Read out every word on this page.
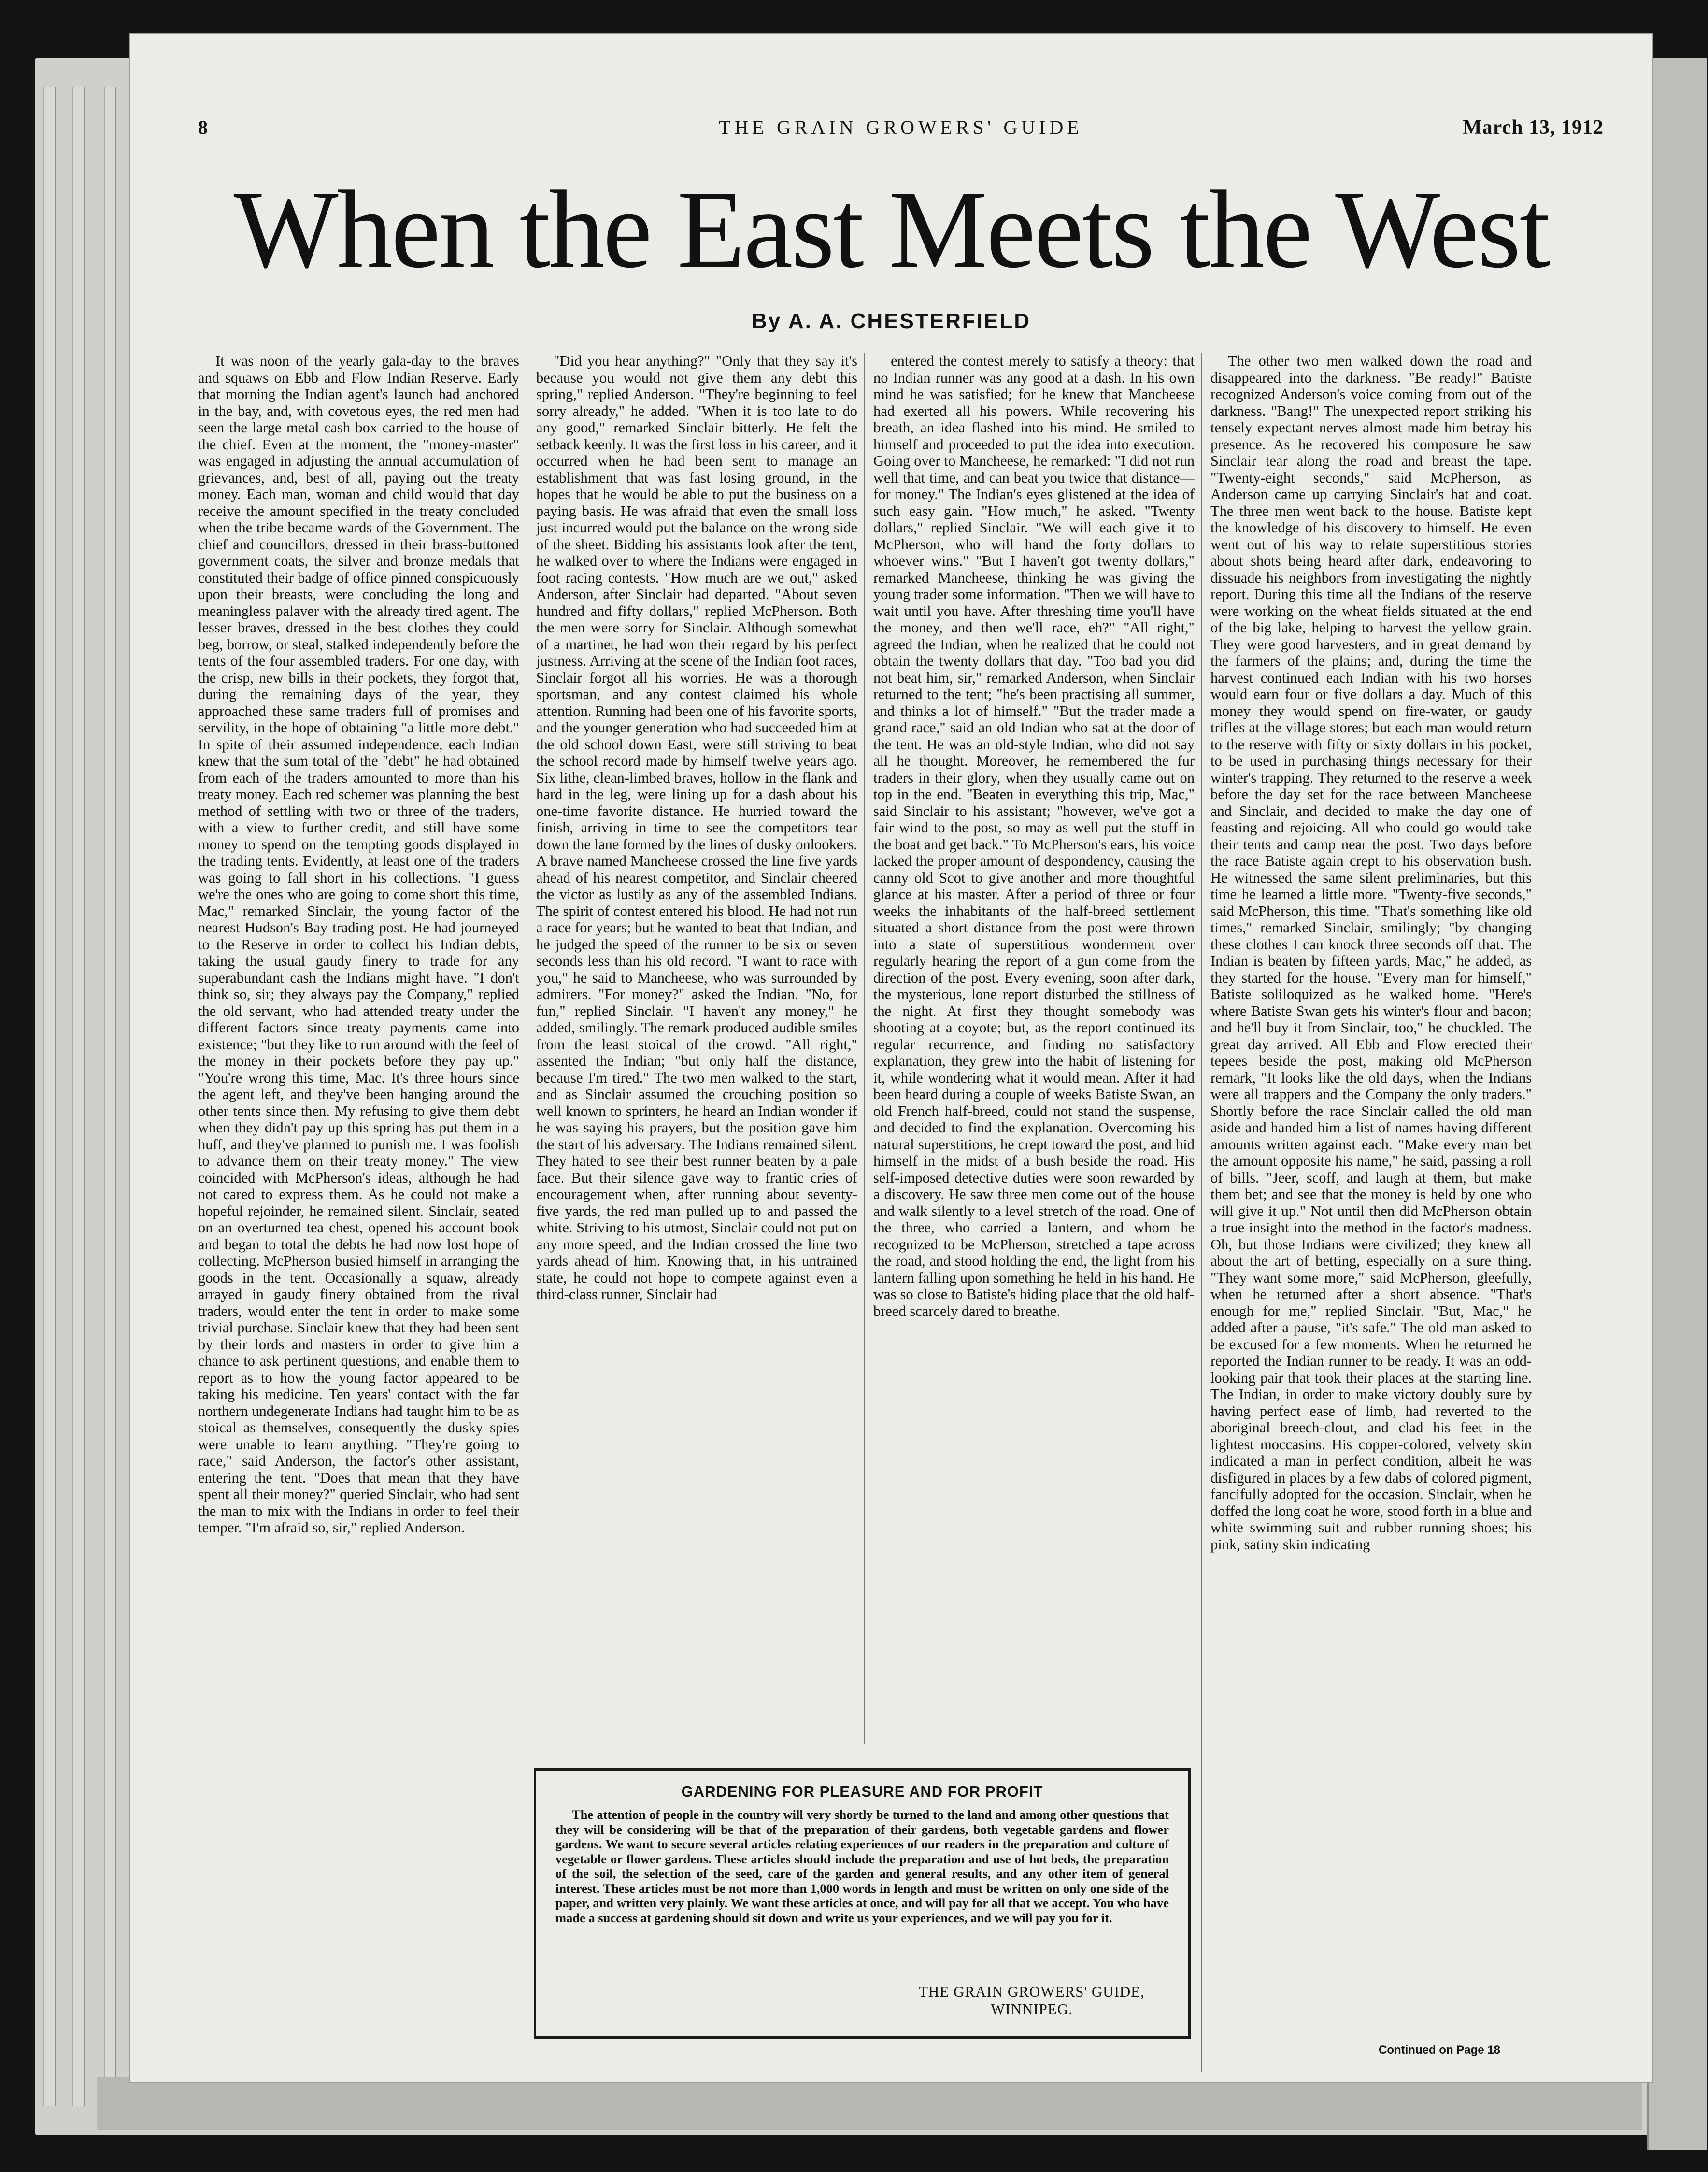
8	THE GRAIN GROWERS' GUIDE	March 13, 1912
When the East Meets the West
By A. A. CHESTERFIELD

It was noon of the yearly gala-day to the braves and squaws on Ebb and Flow Indian Reserve. Early that morning the Indian agent's launch had anchored in the bay, and, with covetous eyes, the red men had seen the large metal cash box carried to the house of the chief. Even at the moment, the "money-master" was engaged in adjusting the annual accumulation of grievances, and, best of all, paying out the treaty money. Each man, woman and child would that day receive the amount specified in the treaty concluded when the tribe became wards of the Government. The chief and councillors, dressed in their brass-buttoned government coats, the silver and bronze medals that constituted their badge of office pinned conspicuously upon their breasts, were concluding the long and meaningless palaver with the already tired agent. The lesser braves, dressed in the best clothes they could beg, borrow, or steal, stalked independently before the tents of the four assembled traders. For one day, with the crisp, new bills in their pockets, they forgot that, during the remaining days of the year, they approached these same traders full of promises and servility, in the hope of obtaining "a little more debt." In spite of their assumed independence, each Indian knew that the sum total of the "debt" he had obtained from each of the traders amounted to more than his treaty money. Each red schemer was planning the best method of settling with two or three of the traders, with a view to further credit, and still have some money to spend on the tempting goods displayed in the trading tents. Evidently, at least one of the traders was going to fall short in his collections. "I guess we're the ones who are going to come short this time, Mac," remarked Sinclair, the young factor of the nearest Hudson's Bay trading post. He had journeyed to the Reserve in order to collect his Indian debts, taking the usual gaudy finery to trade for any superabundant cash the Indians might have. "I don't think so, sir; they always pay the Company," replied the old servant, who had attended treaty under the different factors since treaty payments came into existence; "but they like to run around with the feel of the money in their pockets before they pay up." "You're wrong this time, Mac. It's three hours since the agent left, and they've been hanging around the other tents since then. My refusing to give them debt when they didn't pay up this spring has put them in a huff, and they've planned to punish me. I was foolish to advance them on their treaty money." The view coincided with McPherson's ideas, although he had not cared to express them. As he could not make a hopeful rejoinder, he remained silent. Sinclair, seated on an overturned tea chest, opened his account book and began to total the debts he had now lost hope of collecting. McPherson busied himself in arranging the goods in the tent. Occasionally a squaw, already arrayed in gaudy finery obtained from the rival traders, would enter the tent in order to make some trivial purchase. Sinclair knew that they had been sent by their lords and masters in order to give him a chance to ask pertinent questions, and enable them to report as to how the young factor appeared to be taking his medicine. Ten years' contact with the far northern undegenerate Indians had taught him to be as stoical as themselves, consequently the dusky spies were unable to learn anything. "They're going to race," said Anderson, the factor's other assistant, entering the tent. "Does that mean that they have spent all their money?" queried Sinclair, who had sent the man to mix with the Indians in order to feel their temper. "I'm afraid so, sir," replied Anderson.

"Did you hear anything?" "Only that they say it's because you would not give them any debt this spring," replied Anderson. "They're beginning to feel sorry already," he added. "When it is too late to do any good," remarked Sinclair bitterly. He felt the setback keenly. It was the first loss in his career, and it occurred when he had been sent to manage an establishment that was fast losing ground, in the hopes that he would be able to put the business on a paying basis. He was afraid that even the small loss just incurred would put the balance on the wrong side of the sheet. Bidding his assistants look after the tent, he walked over to where the Indians were engaged in foot racing contests. "How much are we out," asked Anderson, after Sinclair had departed. "About seven hundred and fifty dollars," replied McPherson. Both the men were sorry for Sinclair. Although somewhat of a martinet, he had won their regard by his perfect justness. Arriving at the scene of the Indian foot races, Sinclair forgot all his worries. He was a thorough sportsman, and any contest claimed his whole attention. Running had been one of his favorite sports, and the younger generation who had succeeded him at the old school down East, were still striving to beat the school record made by himself twelve years ago. Six lithe, clean-limbed braves, hollow in the flank and hard in the leg, were lining up for a dash about his one-time favorite distance. He hurried toward the finish, arriving in time to see the competitors tear down the lane formed by the lines of dusky onlookers. A brave named Mancheese crossed the line five yards ahead of his nearest competitor, and Sinclair cheered the victor as lustily as any of the assembled Indians. The spirit of contest entered his blood. He had not run a race for years; but he wanted to beat that Indian, and he judged the speed of the runner to be six or seven seconds less than his old record. "I want to race with you," he said to Mancheese, who was surrounded by admirers. "For money?" asked the Indian. "No, for fun," replied Sinclair. "I haven't any money," he added, smilingly. The remark produced audible smiles from the least stoical of the crowd. "All right," assented the Indian; "but only half the distance, because I'm tired." The two men walked to the start, and as Sinclair assumed the crouching position so well known to sprinters, he heard an Indian wonder if he was saying his prayers, but the position gave him the start of his adversary. The Indians remained silent. They hated to see their best runner beaten by a pale face. But their silence gave way to frantic cries of encouragement when, after running about seventy-five yards, the red man pulled up to and passed the white. Striving to his utmost, Sinclair could not put on any more speed, and the Indian crossed the line two yards ahead of him. Knowing that, in his untrained state, he could not hope to compete against even a third-class runner, Sinclair had

entered the contest merely to satisfy a theory: that no Indian runner was any good at a dash. In his own mind he was satisfied; for he knew that Mancheese had exerted all his powers. While recovering his breath, an idea flashed into his mind. He smiled to himself and proceeded to put the idea into execution. Going over to Mancheese, he remarked: "I did not run well that time, and can beat you twice that distance—for money." The Indian's eyes glistened at the idea of such easy gain. "How much," he asked. "Twenty dollars," replied Sinclair. "We will each give it to McPherson, who will hand the forty dollars to whoever wins." "But I haven't got twenty dollars," remarked Mancheese, thinking he was giving the young trader some information. "Then we will have to wait until you have. After threshing time you'll have the money, and then we'll race, eh?" "All right," agreed the Indian, when he realized that he could not obtain the twenty dollars that day. "Too bad you did not beat him, sir," remarked Anderson, when Sinclair returned to the tent; "he's been practising all summer, and thinks a lot of himself." "But the trader made a grand race," said an old Indian who sat at the door of the tent. He was an old-style Indian, who did not say all he thought. Moreover, he remembered the fur traders in their glory, when they usually came out on top in the end. "Beaten in everything this trip, Mac," said Sinclair to his assistant; "however, we've got a fair wind to the post, so may as well put the stuff in the boat and get back." To McPherson's ears, his voice lacked the proper amount of despondency, causing the canny old Scot to give another and more thoughtful glance at his master. After a period of three or four weeks the inhabitants of the half-breed settlement situated a short distance from the post were thrown into a state of superstitious wonderment over regularly hearing the report of a gun come from the direction of the post. Every evening, soon after dark, the mysterious, lone report disturbed the stillness of the night. At first they thought somebody was shooting at a coyote; but, as the report continued its regular recurrence, and finding no satisfactory explanation, they grew into the habit of listening for it, while wondering what it would mean. After it had been heard during a couple of weeks Batiste Swan, an old French half-breed, could not stand the suspense, and decided to find the explanation. Overcoming his natural superstitions, he crept toward the post, and hid himself in the midst of a bush beside the road. His self-imposed detective duties were soon rewarded by a discovery. He saw three men come out of the house and walk silently to a level stretch of the road. One of the three, who carried a lantern, and whom he recognized to be McPherson, stretched a tape across the road, and stood holding the end, the light from his lantern falling upon something he held in his hand. He was so close to Batiste's hiding place that the old half-breed scarcely dared to breathe.

The other two men walked down the road and disappeared into the darkness. "Be ready!" Batiste recognized Anderson's voice coming from out of the darkness. "Bang!" The unexpected report striking his tensely expectant nerves almost made him betray his presence. As he recovered his composure he saw Sinclair tear along the road and breast the tape. "Twenty-eight seconds," said McPherson, as Anderson came up carrying Sinclair's hat and coat. The three men went back to the house. Batiste kept the knowledge of his discovery to himself. He even went out of his way to relate superstitious stories about shots being heard after dark, endeavoring to dissuade his neighbors from investigating the nightly report. During this time all the Indians of the reserve were working on the wheat fields situated at the end of the big lake, helping to harvest the yellow grain. They were good harvesters, and in great demand by the farmers of the plains; and, during the time the harvest continued each Indian with his two horses would earn four or five dollars a day. Much of this money they would spend on fire-water, or gaudy trifles at the village stores; but each man would return to the reserve with fifty or sixty dollars in his pocket, to be used in purchasing things necessary for their winter's trapping. They returned to the reserve a week before the day set for the race between Mancheese and Sinclair, and decided to make the day one of feasting and rejoicing. All who could go would take their tents and camp near the post. Two days before the race Batiste again crept to his observation bush. He witnessed the same silent preliminaries, but this time he learned a little more. "Twenty-five seconds," said McPherson, this time. "That's something like old times," remarked Sinclair, smilingly; "by changing these clothes I can knock three seconds off that. The Indian is beaten by fifteen yards, Mac," he added, as they started for the house. "Every man for himself," Batiste soliloquized as he walked home. "Here's where Batiste Swan gets his winter's flour and bacon; and he'll buy it from Sinclair, too," he chuckled. The great day arrived. All Ebb and Flow erected their tepees beside the post, making old McPherson remark, "It looks like the old days, when the Indians were all trappers and the Company the only traders." Shortly before the race Sinclair called the old man aside and handed him a list of names having different amounts written against each. "Make every man bet the amount opposite his name," he said, passing a roll of bills. "Jeer, scoff, and laugh at them, but make them bet; and see that the money is held by one who will give it up." Not until then did McPherson obtain a true insight into the method in the factor's madness. Oh, but those Indians were civilized; they knew all about the art of betting, especially on a sure thing. "They want some more," said McPherson, gleefully, when he returned after a short absence. "That's enough for me," replied Sinclair. "But, Mac," he added after a pause, "it's safe." The old man asked to be excused for a few moments. When he returned he reported the Indian runner to be ready. It was an odd-looking pair that took their places at the starting line. The Indian, in order to make victory doubly sure by having perfect ease of limb, had reverted to the aboriginal breech-clout, and clad his feet in the lightest moccasins. His copper-colored, velvety skin indicated a man in perfect condition, albeit he was disfigured in places by a few dabs of colored pigment, fancifully adopted for the occasion. Sinclair, when he doffed the long coat he wore, stood forth in a blue and white swimming suit and rubber running shoes; his pink, satiny skin indicating

GARDENING FOR PLEASURE AND FOR PROFIT

The attention of people in the country will very shortly be turned to the land and among other questions that they will be considering will be that of the preparation of their gardens, both vegetable gardens and flower gardens. We want to secure several articles relating experiences of our readers in the preparation and culture of vegetable or flower gardens. These articles should include the preparation and use of hot beds, the preparation of the soil, the selection of the seed, care of the garden and general results, and any other item of general interest. These articles must be not more than 1,000 words in length and must be written on only one side of the paper, and written very plainly. We want these articles at once, and will pay for all that we accept. You who have made a success at gardening should sit down and write us your experiences, and we will pay you for it.

THE GRAIN GROWERS' GUIDE,
WINNIPEG.
Continued on Page 18
